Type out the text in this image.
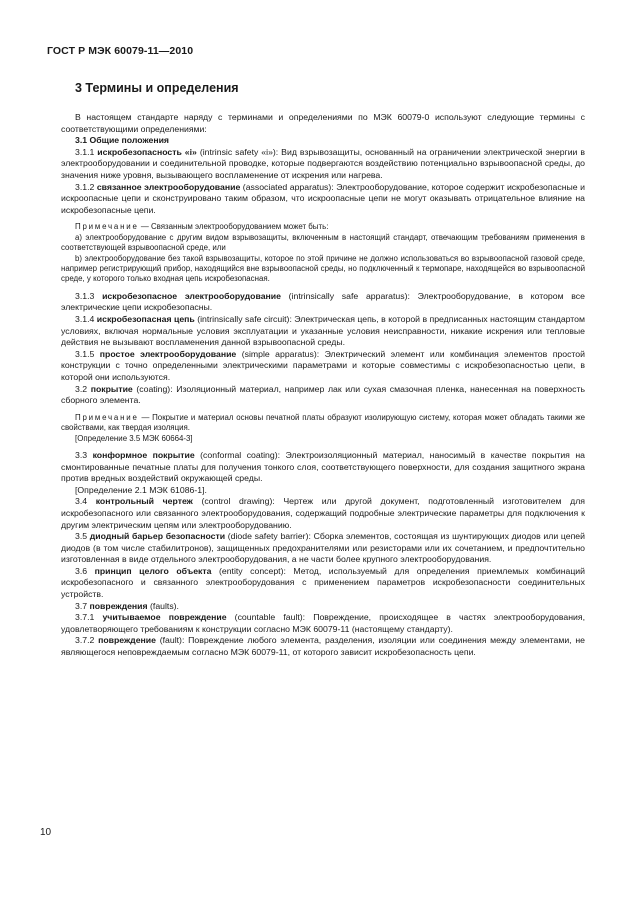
ГОСТ Р МЭК 60079-11—2010
3 Термины и определения

В настоящем стандарте наряду с терминами и определениями по МЭК 60079-0 используют следующие термины с соответствующими определениями:

3.1 Общие положения

3.1.1 искробезопасность «i» (intrinsic safety «i»): Вид взрывозащиты, основанный на ограничении электрической энергии в электрооборудовании и соединительной проводке, которые подвергаются воздействию потенциально взрывоопасной среды, до значения ниже уровня, вызывающего воспламенение от искрения или нагрева.

3.1.2 связанное электрооборудование (associated apparatus): Электрооборудование, которое содержит искробезопасные и искроопасные цепи и сконструировано таким образом, что искроопасные цепи не могут оказывать отрицательное влияние на искробезопасные цепи.

Примечание — Связанным электрооборудованием может быть:

a) электрооборудование с другим видом взрывозащиты, включенным в настоящий стандарт, отвечающим требованиям применения в соответствующей взрывоопасной среде, или

b) электрооборудование без такой взрывозащиты, которое по этой причине не должно использоваться во взрывоопасной газовой среде, например регистрирующий прибор, находящийся вне взрывоопасной среды, но подключенный к термопаре, находящейся во взрывоопасной среде, у которого только входная цепь искробезопасная.

3.1.3 искробезопасное электрооборудование (intrinsically safe apparatus): Электрооборудование, в котором все электрические цепи искробезопасны.

3.1.4 искробезопасная цепь (intrinsically safe circuit): Электрическая цепь, в которой в предписанных настоящим стандартом условиях, включая нормальные условия эксплуатации и указанные условия неисправности, никакие искрения или тепловые действия не вызывают воспламенения данной взрывоопасной среды.

3.1.5 простое электрооборудование (simple apparatus): Электрический элемент или комбинация элементов простой конструкции с точно определенными электрическими параметрами и которые совместимы с искробезопасностью цепи, в которой они используются.

3.2 покрытие (coating): Изоляционный материал, например лак или сухая смазочная пленка, нанесенная на поверхность сборного элемента.

Примечание — Покрытие и материал основы печатной платы образуют изолирующую систему, которая может обладать такими же свойствами, как твердая изоляция.

[Определение 3.5 МЭК 60664-3]

3.3 конформное покрытие (conformal coating): Электроизоляционный материал, наносимый в качестве покрытия на смонтированные печатные платы для получения тонкого слоя, соответствующего поверхности, для создания защитного экрана против вредных воздействий окружающей среды.

[Определение 2.1 МЭК 61086-1].

3.4 контрольный чертеж (control drawing): Чертеж или другой документ, подготовленный изготовителем для искробезопасного или связанного электрооборудования, содержащий подробные электрические параметры для подключения к другим электрическим цепям или электрооборудованию.

3.5 диодный барьер безопасности (diode safety barrier): Сборка элементов, состоящая из шунтирующих диодов или цепей диодов (в том числе стабилитронов), защищенных предохранителями или резисторами или их сочетанием, и предпочтительно изготовленная в виде отдельного электрооборудования, а не части более крупного электрооборудования.

3.6 принцип целого объекта (entity concept): Метод, используемый для определения приемлемых комбинаций искробезопасного и связанного электрооборудования с применением параметров искробезопасности соединительных устройств.

3.7 повреждения (faults).

3.7.1 учитываемое повреждение (countable fault): Повреждение, происходящее в частях электрооборудования, удовлетворяющего требованиям к конструкции согласно МЭК 60079-11 (настоящему стандарту).

3.7.2 повреждение (fault): Повреждение любого элемента, разделения, изоляции или соединения между элементами, не являющегося неповреждаемым согласно МЭК 60079-11, от которого зависит искробезопасность цепи.

10
